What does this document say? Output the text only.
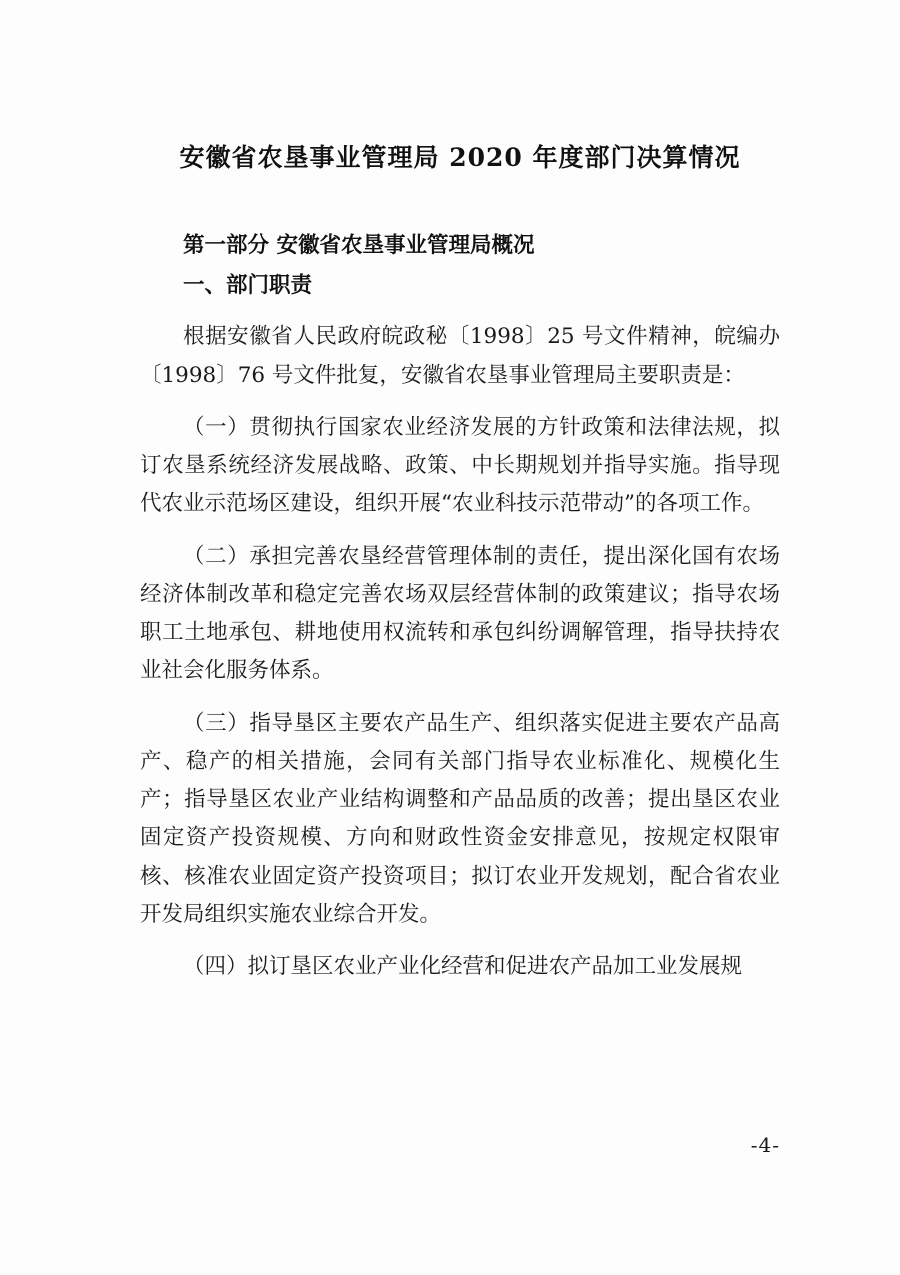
安徽省农垦事业管理局 2020 年度部门决算情况

第一部分 安徽省农垦事业管理局概况

一、部门职责

根据安徽省人民政府皖政秘〔1998〕25 号文件精神，皖编办〔1998〕76 号文件批复，安徽省农垦事业管理局主要职责是：

（一）贯彻执行国家农业经济发展的方针政策和法律法规，拟订农垦系统经济发展战略、政策、中长期规划并指导实施。指导现代农业示范场区建设，组织开展“农业科技示范带动”的各项工作。

（二）承担完善农垦经营管理体制的责任，提出深化国有农场经济体制改革和稳定完善农场双层经营体制的政策建议；指导农场职工土地承包、耕地使用权流转和承包纠纷调解管理，指导扶持农业社会化服务体系。

（三）指导垦区主要农产品生产、组织落实促进主要农产品高产、稳产的相关措施，会同有关部门指导农业标准化、规模化生产；指导垦区农业产业结构调整和产品品质的改善；提出垦区农业固定资产投资规模、方向和财政性资金安排意见，按规定权限审核、核准农业固定资产投资项目；拟订农业开发规划，配合省农业开发局组织实施农业综合开发。

（四）拟订垦区农业产业化经营和促进农产品加工业发展规

-4-
